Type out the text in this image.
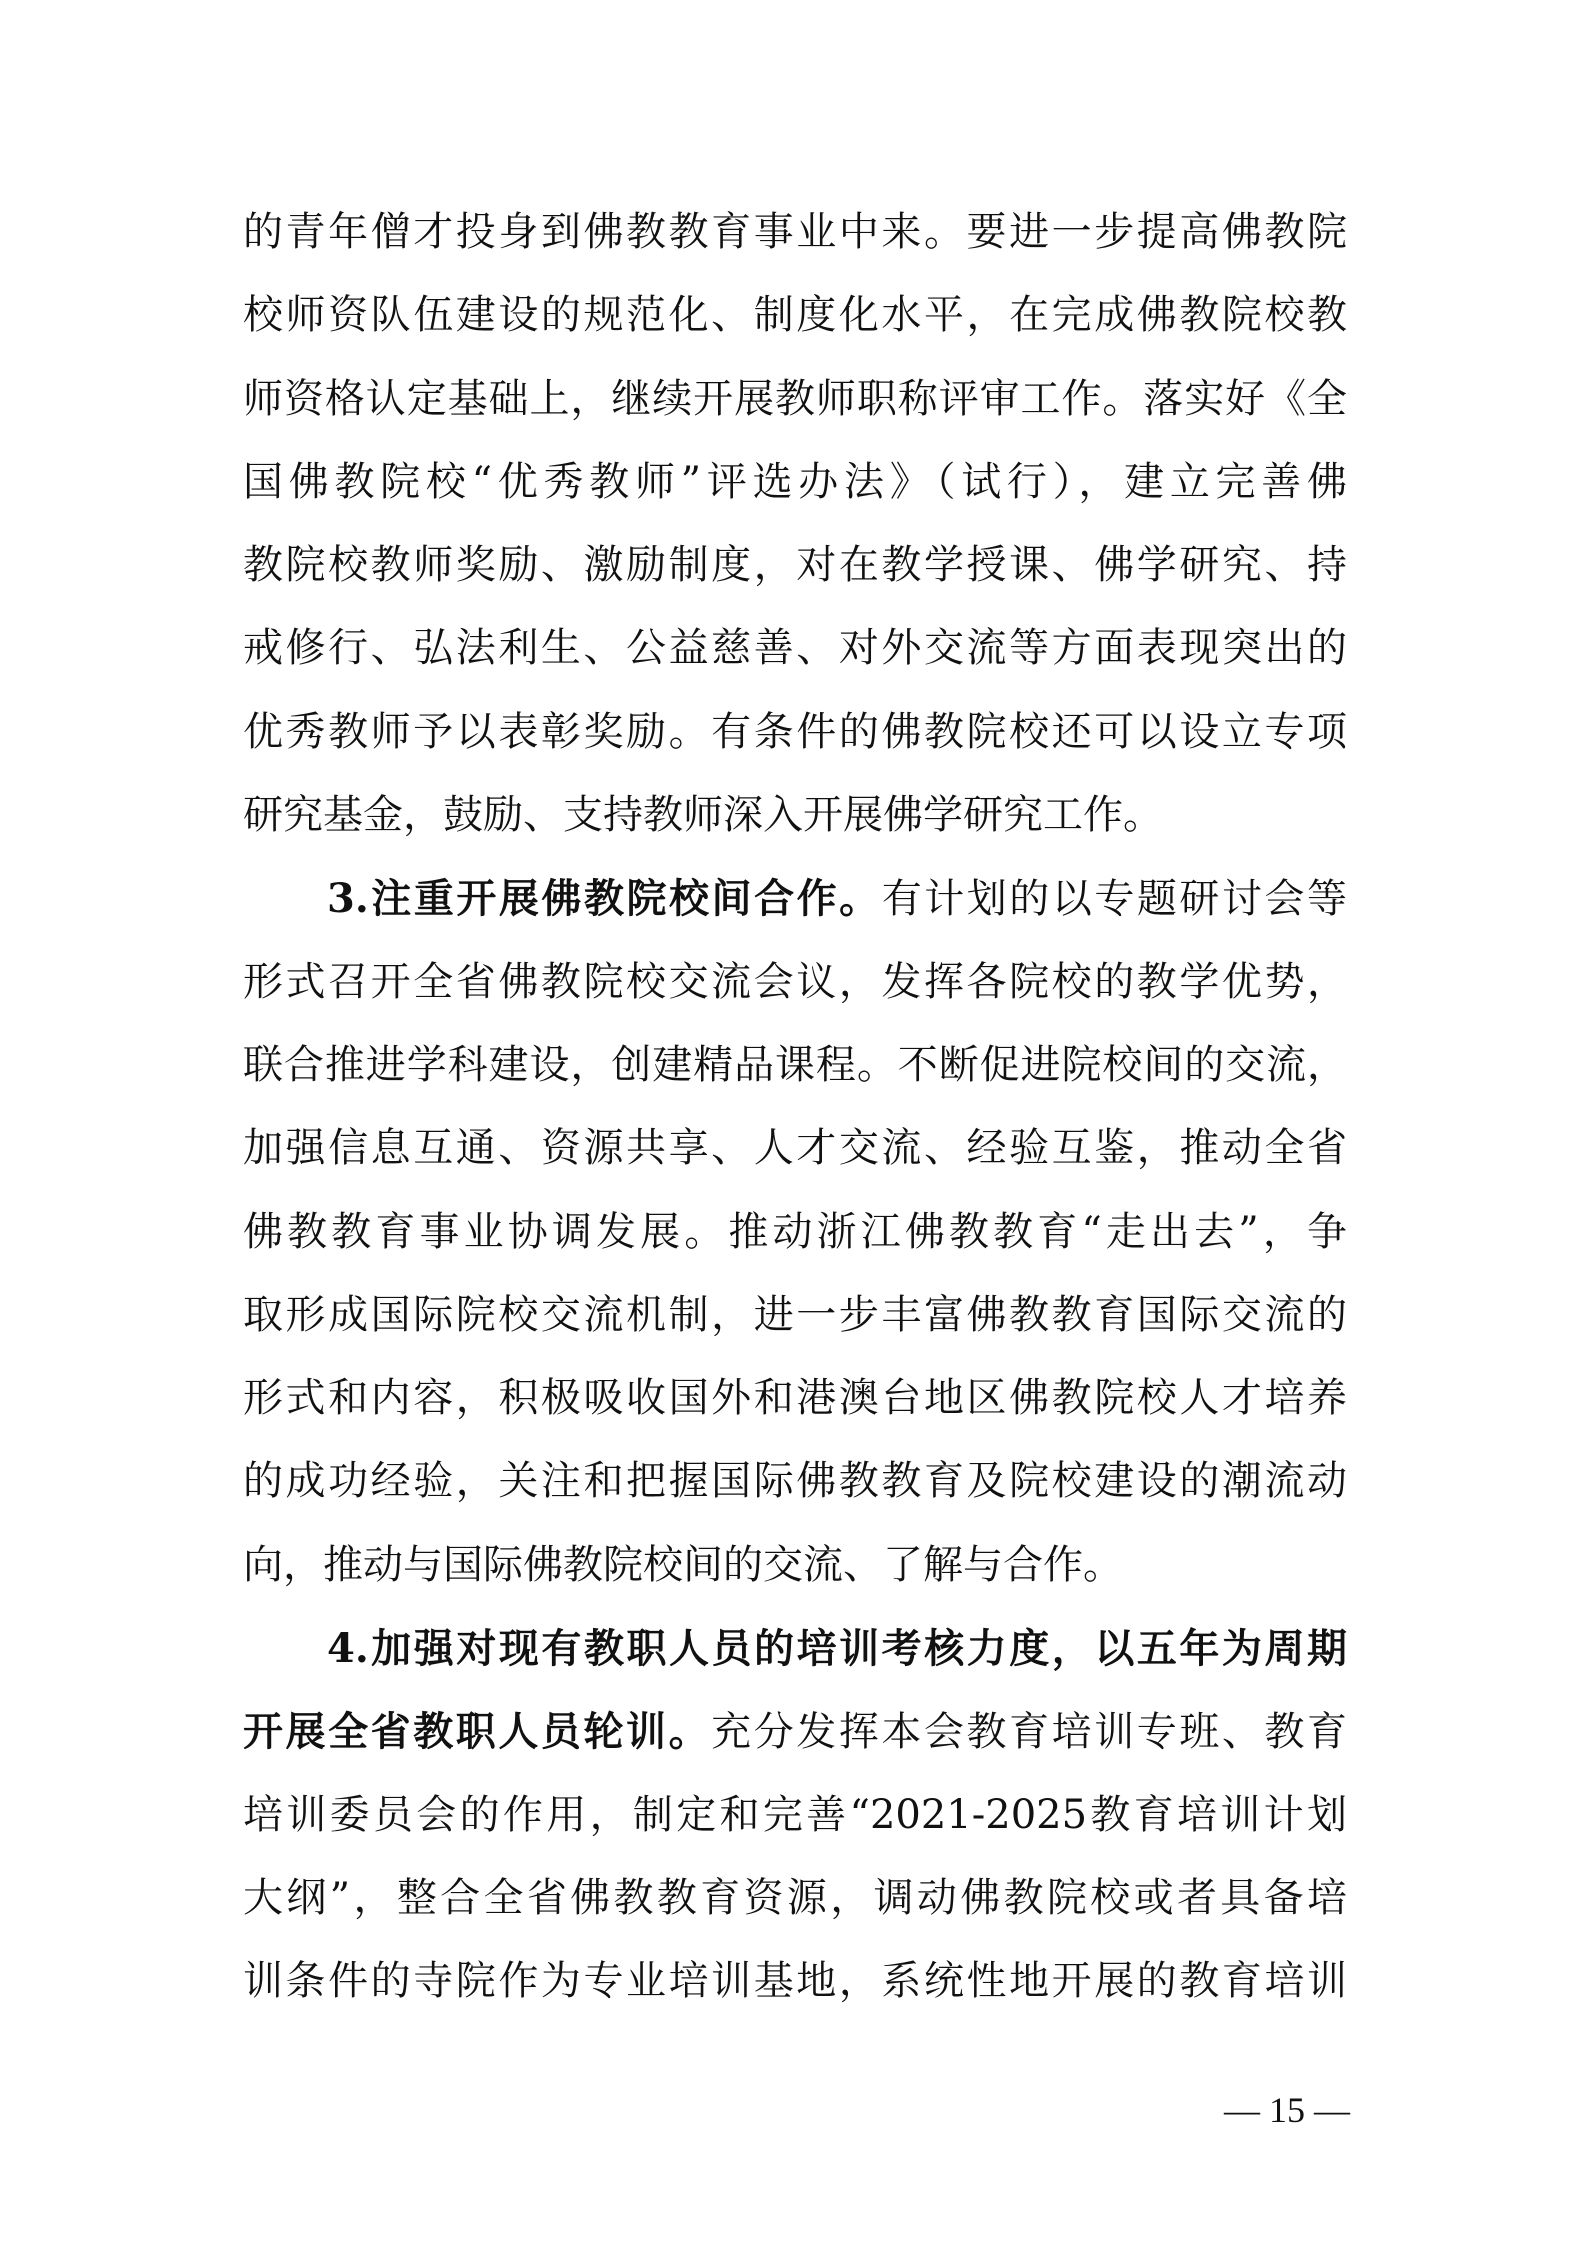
的青年僧才投身到佛教教育事业中来。要进一步提高佛教院
校师资队伍建设的规范化、制度化水平，在完成佛教院校教
师资格认定基础上，继续开展教师职称评审工作。落实好《全
国佛教院校“优秀教师”评选办法》（试行），建立完善佛
教院校教师奖励、激励制度，对在教学授课、佛学研究、持
戒修行、弘法利生、公益慈善、对外交流等方面表现突出的
优秀教师予以表彰奖励。有条件的佛教院校还可以设立专项
研究基金，鼓励、支持教师深入开展佛学研究工作。
3.注重开展佛教院校间合作。有计划的以专题研讨会等
形式召开全省佛教院校交流会议，发挥各院校的教学优势，
联合推进学科建设，创建精品课程。不断促进院校间的交流，
加强信息互通、资源共享、人才交流、经验互鉴，推动全省
佛教教育事业协调发展。推动浙江佛教教育“走出去”，争
取形成国际院校交流机制，进一步丰富佛教教育国际交流的
形式和内容，积极吸收国外和港澳台地区佛教院校人才培养
的成功经验，关注和把握国际佛教教育及院校建设的潮流动
向，推动与国际佛教院校间的交流、了解与合作。
4.加强对现有教职人员的培训考核力度，以五年为周期
开展全省教职人员轮训。充分发挥本会教育培训专班、教育
培训委员会的作用，制定和完善“2021-2025教育培训计划
大纲”，整合全省佛教教育资源，调动佛教院校或者具备培
训条件的寺院作为专业培训基地，系统性地开展的教育培训
— 15 —
